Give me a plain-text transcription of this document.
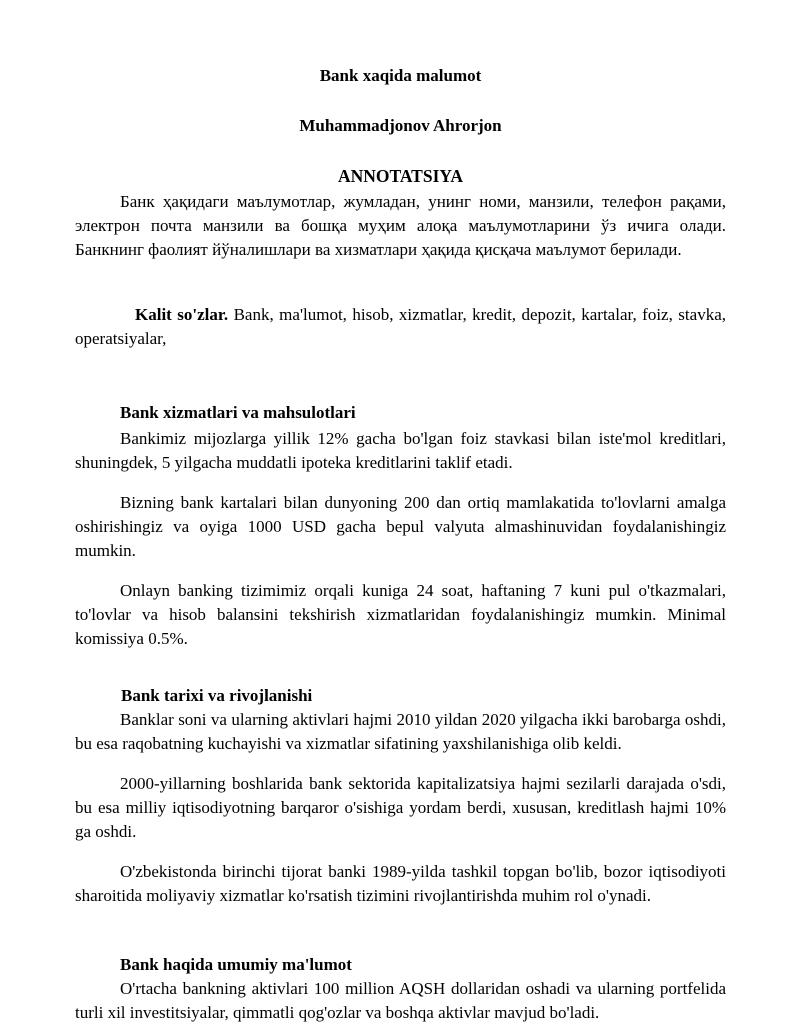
Bank xaqida malumot
Muhammadjonov Ahrorjon
ANNOTATSIYA
Банк ҳақидаги маълумотлар, жумладан, унинг номи, манзили, телефон рақами, электрон почта манзили ва бошқа муҳим алоқа маълумотларини ўз ичига олади. Банкнинг фаолият йўналишлари ва хизматлари ҳақида қисқача маълумот берилади.
Kalit so'zlar. Bank, ma'lumot, hisob, xizmatlar, kredit, depozit, kartalar, foiz, stavka, operatsiyalar,
Bank xizmatlari va mahsulotlari
Bankimiz mijozlarga yillik 12% gacha bo'lgan foiz stavkasi bilan iste'mol kreditlari, shuningdek, 5 yilgacha muddatli ipoteka kreditlarini taklif etadi.
Bizning bank kartalari bilan dunyoning 200 dan ortiq mamlakatida to'lovlarni amalga oshirishingiz va oyiga 1000 USD gacha bepul valyuta almashinuvidan foydalanishingiz mumkin.
Onlayn banking tizimimiz orqali kuniga 24 soat, haftaning 7 kuni pul o'tkazmalari, to'lovlar va hisob balansini tekshirish xizmatlaridan foydalanishingiz mumkin. Minimal komissiya 0.5%.
Bank tarixi va rivojlanishi
Banklar soni va ularning aktivlari hajmi 2010 yildan 2020 yilgacha ikki barobarga oshdi, bu esa raqobatning kuchayishi va xizmatlar sifatining yaxshilanishiga olib keldi.
2000-yillarning boshlarida bank sektorida kapitalizatsiya hajmi sezilarli darajada o'sdi, bu esa milliy iqtisodiyotning barqaror o'sishiga yordam berdi, xususan, kreditlash hajmi 10% ga oshdi.
O'zbekistonda birinchi tijorat banki 1989-yilda tashkil topgan bo'lib, bozor iqtisodiyoti sharoitida moliyaviy xizmatlar ko'rsatish tizimini rivojlantirishda muhim rol o'ynadi.
Bank haqida umumiy ma'lumot
O'rtacha bankning aktivlari 100 million AQSH dollaridan oshadi va ularning portfelida turli xil investitsiyalar, qimmatli qog'ozlar va boshqa aktivlar mavjud bo'ladi.
